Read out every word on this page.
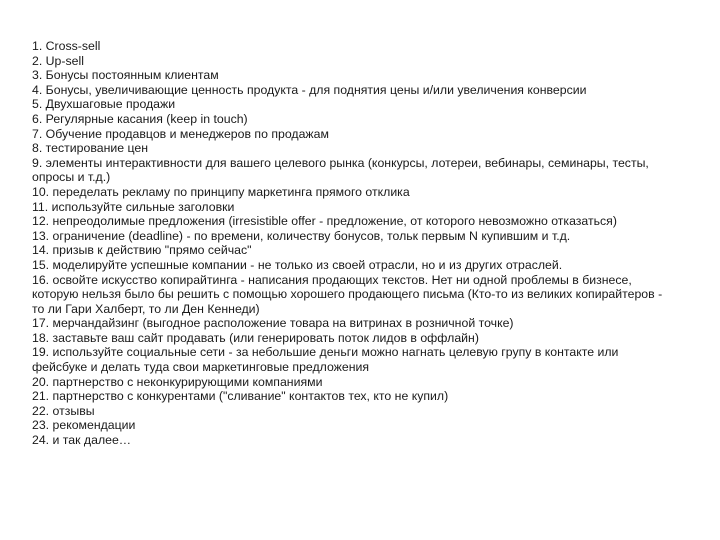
1. Cross-sell
2. Up-sell
3. Бонусы постоянным клиентам
4. Бонусы, увеличивающие ценность продукта - для поднятия цены и/или увеличения конверсии
5. Двухшаговые продажи
6. Регулярные касания (keep in touch)
7. Обучение продавцов и менеджеров по продажам
8. тестирование цен
9. элементы интерактивности для вашего целевого рынка (конкурсы, лотереи, вебинары, семинары, тесты, опросы и т.д.)
10. переделать рекламу по принципу маркетинга прямого отклика
11. используйте сильные заголовки
12. непреодолимые предложения (irresistible offer - предложение, от которого невозможно отказаться)
13. ограничение (deadline) - по времени, количеству бонусов, тольк первым N купившим и т.д.
14. призыв к действию "прямо сейчас"
15. моделируйте успешные компании - не только из своей отрасли, но и из других отраслей.
16. освойте искусство копирайтинга - написания продающих текстов. Нет ни одной проблемы в бизнесе, которую нельзя было бы решить с помощью хорошего продающего письма (Кто-то из великих копирайтеров - то ли Гари Халберт, то ли Ден Кеннеди)
17. мерчандайзинг (выгодное расположение товара на витринах в розничной точке)
18. заставьте ваш сайт продавать (или генерировать поток лидов в оффлайн)
19. используйте социальные сети - за небольшие деньги можно нагнать целевую групу в контакте или фейсбуке и делать туда свои маркетинговые предложения
20. партнерство с неконкурирующими компаниями
21. партнерство с конкурентами ("сливание" контактов тех, кто не купил)
22. отзывы
23. рекомендации
24. и так далее…
